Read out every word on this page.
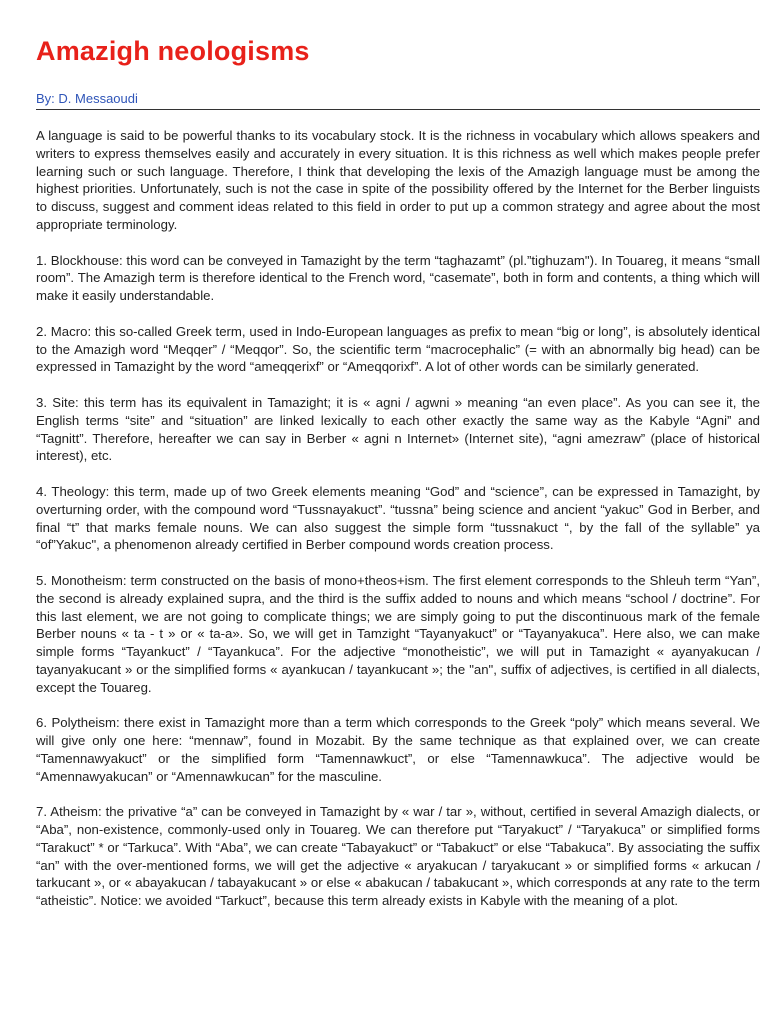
Amazigh neologisms
By: D. Messaoudi

A language is said to be powerful thanks to its vocabulary stock. It is the richness in vocabulary which allows speakers and writers to express themselves easily and accurately in every situation. It is this richness as well which makes people prefer learning such or such language. Therefore, I think that developing the lexis of the Amazigh language must be among the highest priorities. Unfortunately, such is not the case in spite of the possibility offered by the Internet for the Berber linguists to discuss, suggest and comment ideas related to this field in order to put up a common strategy and agree about the most appropriate terminology.

1. Blockhouse: this word can be conveyed in Tamazight by the term “taghazamt” (pl.”tighuzam"). In Touareg, it means “small room”. The Amazigh term is therefore identical to the French word, “casemate”, both in form and contents, a thing which will make it easily understandable.

2. Macro: this so-called Greek term, used in Indo-European languages as prefix to mean “big or long”, is absolutely identical to the Amazigh word “Meqqer” / “Meqqor”. So, the scientific term “macrocephalic” (= with an abnormally big head) can be expressed in Tamazight by the word “ameqqerixf” or “Ameqqorixf”. A lot of other words can be similarly generated.

3. Site: this term has its equivalent in Tamazight; it is « agni / agwni » meaning “an even place”. As you can see it, the English terms “site” and “situation” are linked lexically to each other exactly the same way as the Kabyle “Agni” and “Tagnitt”. Therefore, hereafter we can say in Berber « agni n Internet» (Internet site), “agni amezraw” (place of historical interest), etc.

4. Theology: this term, made up of two Greek elements meaning “God” and “science”, can be expressed in Tamazight, by overturning order, with the compound word “Tussnayakuct”. “tussna” being science and ancient “yakuc” God in Berber, and final “t” that marks female nouns. We can also suggest the simple form “tussnakuct “, by the fall of the syllable” ya “of”Yakuc", a phenomenon already certified in Berber compound words creation process.

5. Monotheism: term constructed on the basis of mono+theos+ism. The first element corresponds to the Shleuh term “Yan”, the second is already explained supra, and the third is the suffix added to nouns and which means “school / doctrine”. For this last element, we are not going to complicate things; we are simply going to put the discontinuous mark of the female Berber nouns « ta - t » or « ta-a». So, we will get in Tamzight “Tayanyakuct” or “Tayanyakuca”. Here also, we can make simple forms “Tayankuct” / “Tayankuca”. For the adjective “monotheistic”, we will put in Tamazight « ayanyakucan / tayanyakucant » or the simplified forms « ayankucan / tayankucant »; the "an", suffix of adjectives, is certified in all dialects, except the Touareg.

6. Polytheism: there exist in Tamazight more than a term which corresponds to the Greek “poly” which means several. We will give only one here: “mennaw”, found in Mozabit. By the same technique as that explained over, we can create “Tamennawyakuct” or the simplified form “Tamennawkuct”, or else “Tamennawkuca”. The adjective would be “Amennawyakucan” or “Amennawkucan” for the masculine.

7. Atheism: the privative “a” can be conveyed in Tamazight by « war / tar », without, certified in several Amazigh dialects, or “Aba”, non-existence, commonly-used only in Touareg. We can therefore put “Taryakuct” / “Taryakuca” or simplified forms “Tarakuct” * or “Tarkuca”. With “Aba”, we can create “Tabayakuct” or “Tabakuct” or else “Tabakuca”. By associating the suffix “an” with the over-mentioned forms, we will get the adjective « aryakucan / taryakucant » or simplified forms « arkucan / tarkucant », or « abayakucan / tabayakucant » or else « abakucan / tabakucant », which corresponds at any rate to the term “atheistic”. Notice: we avoided “Tarkuct”, because this term already exists in Kabyle with the meaning of a plot.
